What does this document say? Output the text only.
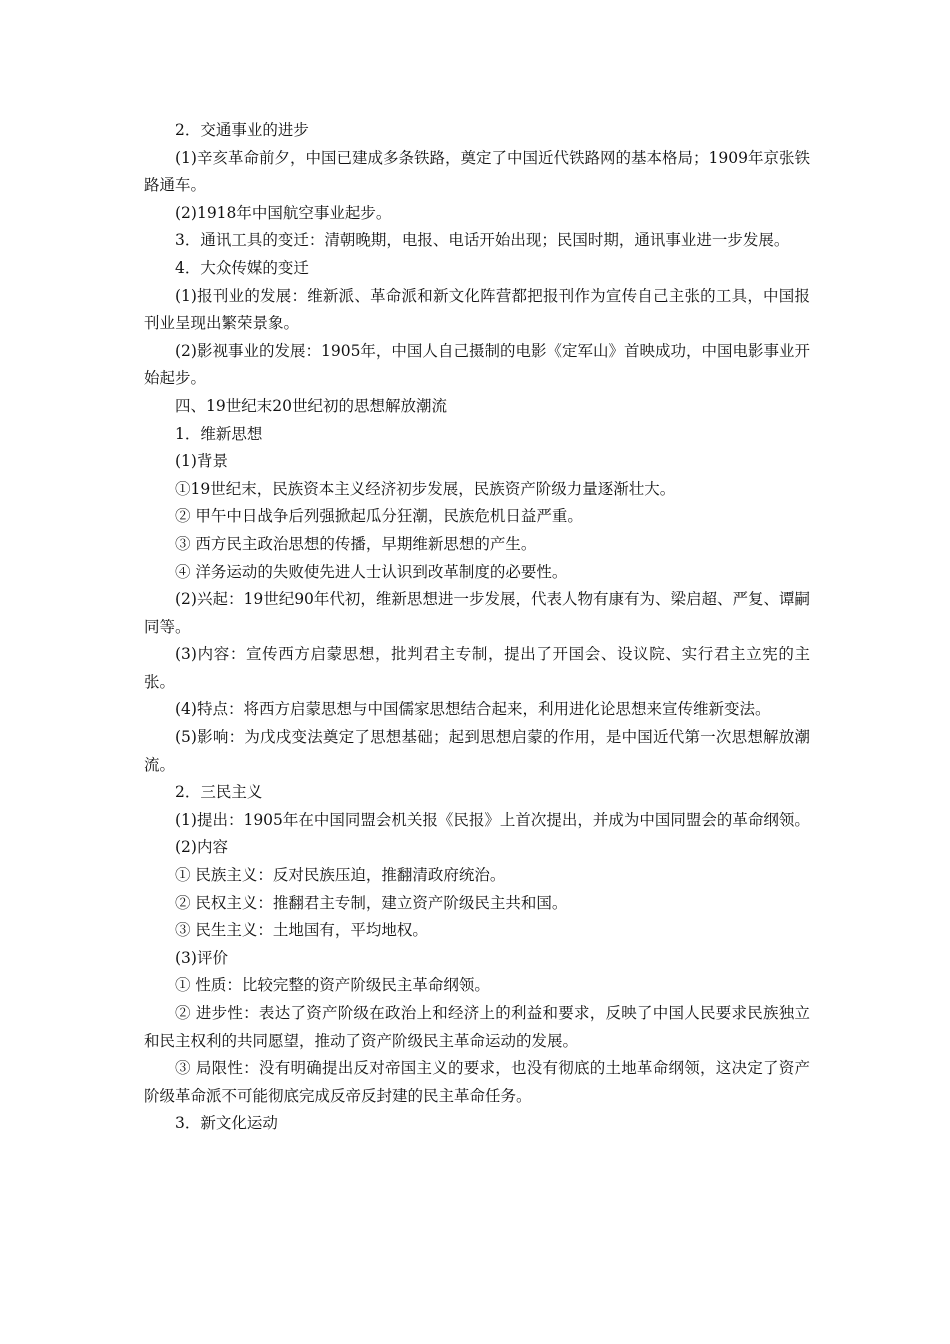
2．交通事业的进步

(1)辛亥革命前夕，中国已建成多条铁路，奠定了中国近代铁路网的基本格局；1909年京张铁路通车。

(2)1918年中国航空事业起步。

3．通讯工具的变迁：清朝晚期，电报、电话开始出现；民国时期，通讯事业进一步发展。

4．大众传媒的变迁

(1)报刊业的发展：维新派、革命派和新文化阵营都把报刊作为宣传自己主张的工具，中国报刊业呈现出繁荣景象。

(2)影视事业的发展：1905年，中国人自己摄制的电影《定军山》首映成功，中国电影事业开始起步。

四、19世纪末20世纪初的思想解放潮流

1．维新思想

(1)背景

①19世纪末，民族资本主义经济初步发展，民族资产阶级力量逐渐壮大。

② 甲午中日战争后列强掀起瓜分狂潮，民族危机日益严重。

③ 西方民主政治思想的传播，早期维新思想的产生。

④ 洋务运动的失败使先进人士认识到改革制度的必要性。

(2)兴起：19世纪90年代初，维新思想进一步发展，代表人物有康有为、梁启超、严复、谭嗣同等。

(3)内容：宣传西方启蒙思想，批判君主专制，提出了开国会、设议院、实行君主立宪的主张。

(4)特点：将西方启蒙思想与中国儒家思想结合起来，利用进化论思想来宣传维新变法。

(5)影响：为戊戌变法奠定了思想基础；起到思想启蒙的作用，是中国近代第一次思想解放潮流。

2．三民主义

(1)提出：1905年在中国同盟会机关报《民报》上首次提出，并成为中国同盟会的革命纲领。

(2)内容

① 民族主义：反对民族压迫，推翻清政府统治。

② 民权主义：推翻君主专制，建立资产阶级民主共和国。

③ 民生主义：土地国有，平均地权。

(3)评价

① 性质：比较完整的资产阶级民主革命纲领。

② 进步性：表达了资产阶级在政治上和经济上的利益和要求，反映了中国人民要求民族独立和民主权利的共同愿望，推动了资产阶级民主革命运动的发展。

③ 局限性：没有明确提出反对帝国主义的要求，也没有彻底的土地革命纲领，这决定了资产阶级革命派不可能彻底完成反帝反封建的民主革命任务。

3．新文化运动
